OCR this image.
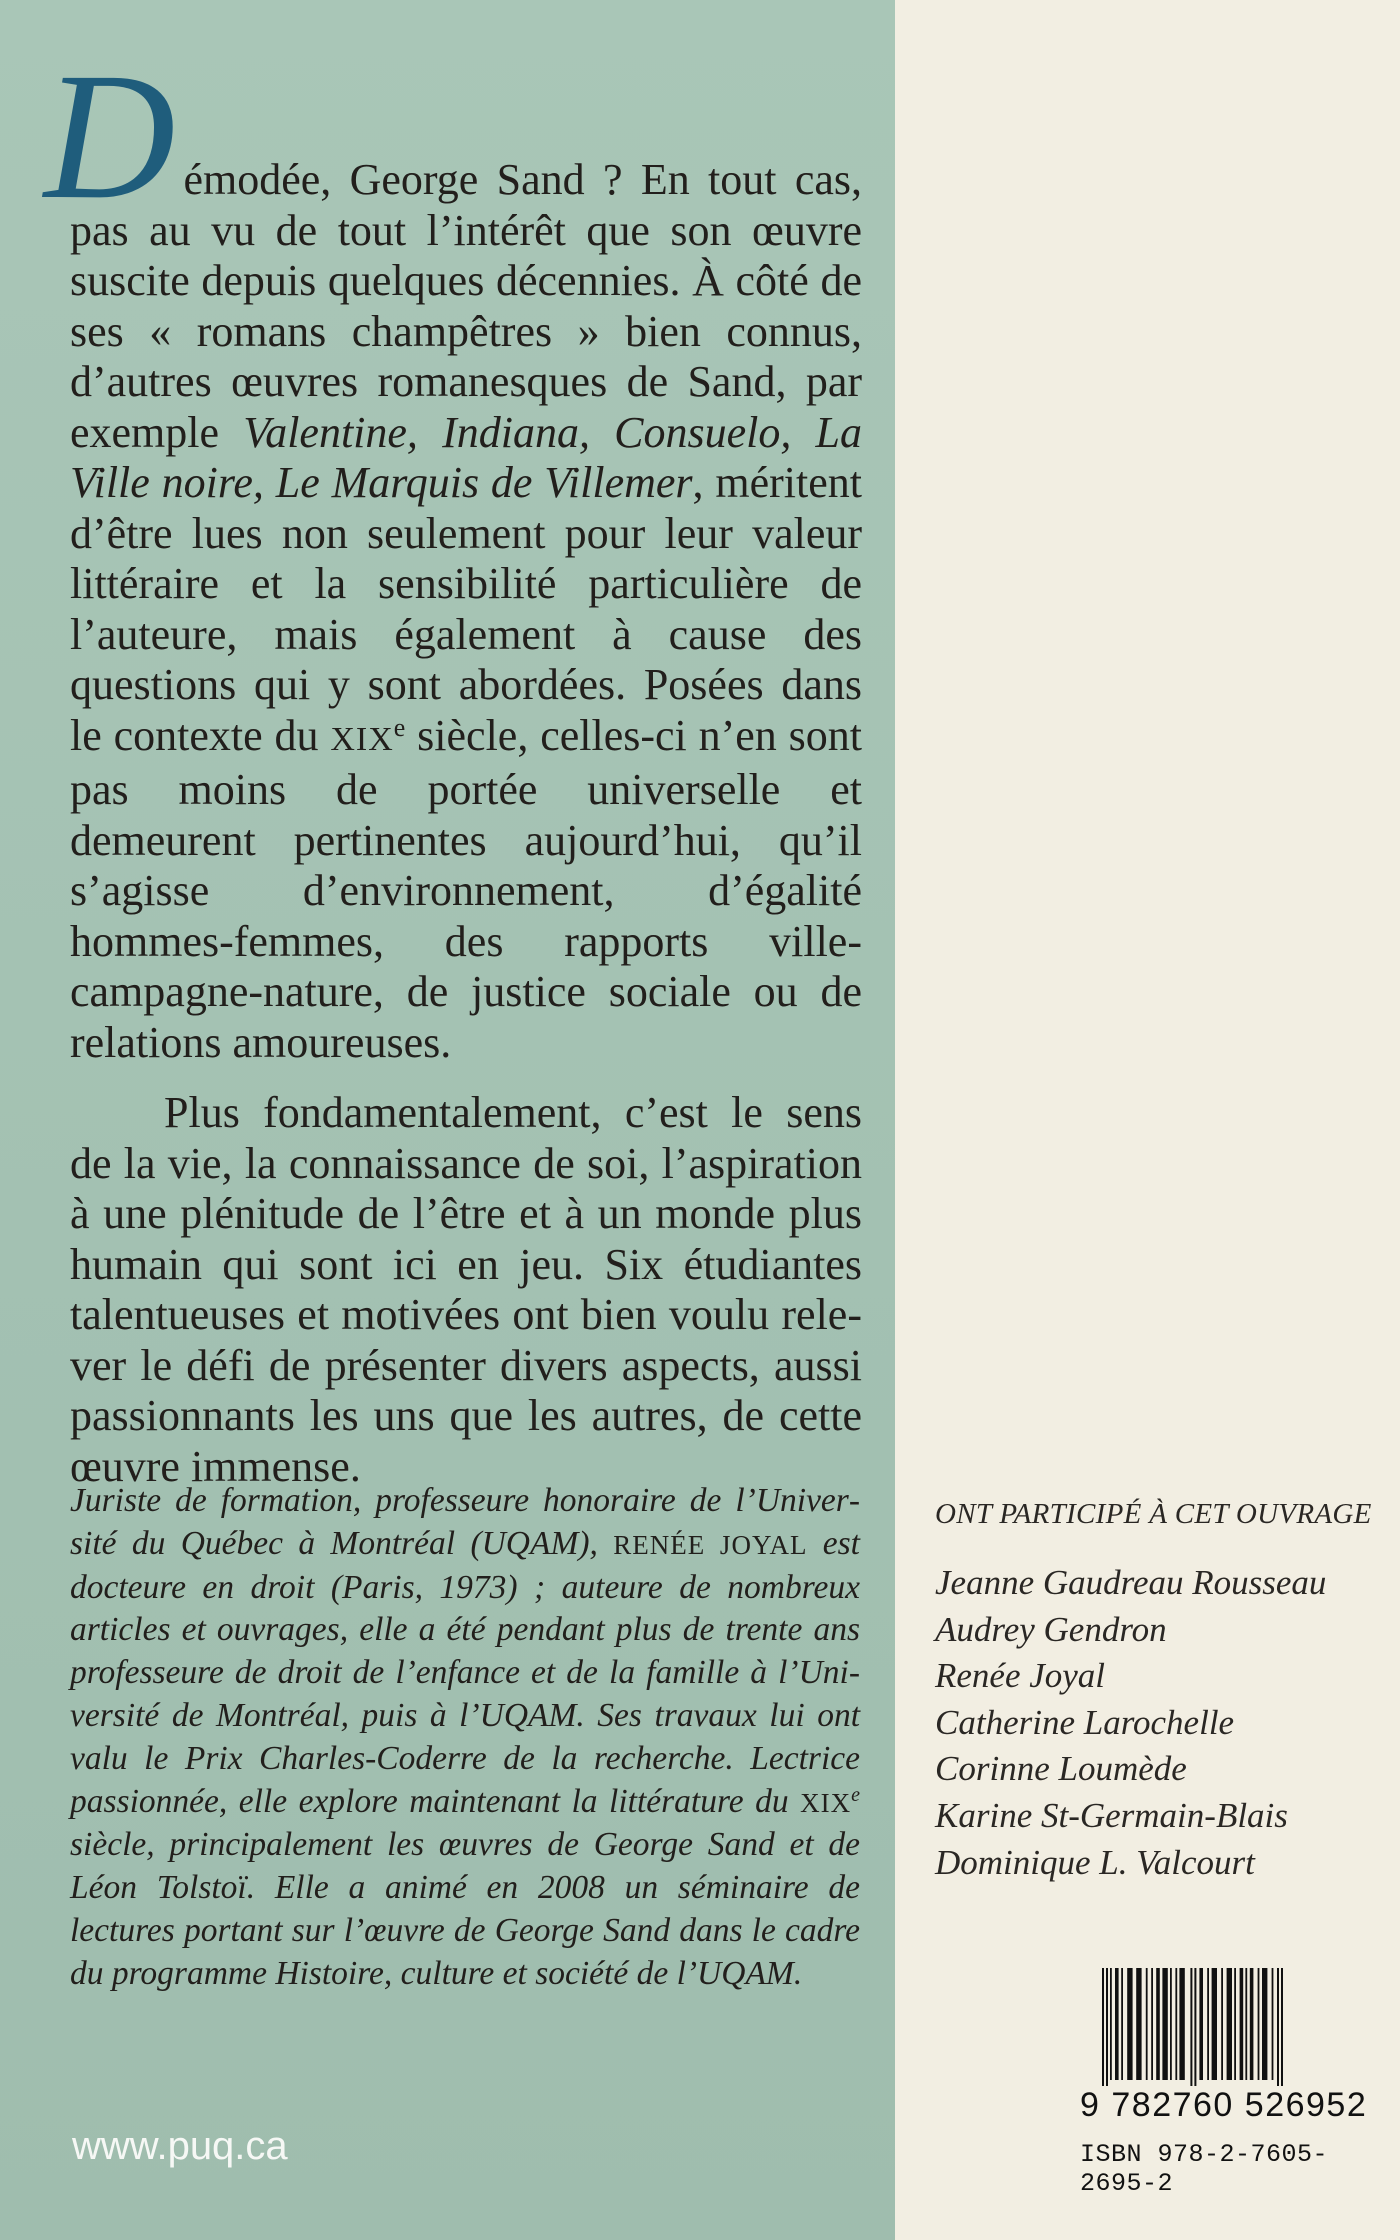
Démodée, George Sand ? En tout cas, pas au vu de tout l’intérêt que son œuvre suscite depuis quelques décennies. À côté de ses « romans champêtres » bien connus, d’autres œuvres romanesques de Sand, par exemple Valentine, Indiana, Consuelo, La Ville noire, Le Marquis de Villemer, méritent d’être lues non seulement pour leur valeur littéraire et la sensibilité particulière de l’auteure, mais également à cause des questions qui y sont abordées. Posées dans le contexte du XIXe siècle, celles-ci n’en sont pas moins de portée universelle et demeurent pertinentes aujourd’hui, qu’il s’agisse d’environnement, d’égalité hommes-femmes, des rapports ville-campagne-nature, de justice sociale ou de relations amoureuses.

Plus fondamentalement, c’est le sens de la vie, la connaissance de soi, l’aspiration à une plénitude de l’être et à un monde plus humain qui sont ici en jeu. Six étudiantes talentueuses et motivées ont bien voulu relever le défi de présenter divers aspects, aussi passionnants les uns que les autres, de cette œuvre immense.

Juriste de formation, professeure honoraire de l’Université du Québec à Montréal (UQAM), RENÉE JOYAL est docteure en droit (Paris, 1973) ; auteure de nombreux articles et ouvrages, elle a été pendant plus de trente ans professeure de droit de l’enfance et de la famille à l’Université de Montréal, puis à l’UQAM. Ses travaux lui ont valu le Prix Charles-Coderre de la recherche. Lectrice passionnée, elle explore maintenant la littérature du XIXe siècle, principalement les œuvres de George Sand et de Léon Tolstoï. Elle a animé en 2008 un séminaire de lectures portant sur l’œuvre de George Sand dans le cadre du programme Histoire, culture et société de l’UQAM.
www.puq.ca
ONT PARTICIPÉ À CET OUVRAGE
Jeanne Gaudreau Rousseau
Audrey Gendron
Renée Joyal
Catherine Larochelle
Corinne Loumède
Karine St-Germain-Blais
Dominique L. Valcourt
9 782760 526952
ISBN 978-2-7605-2695-2
